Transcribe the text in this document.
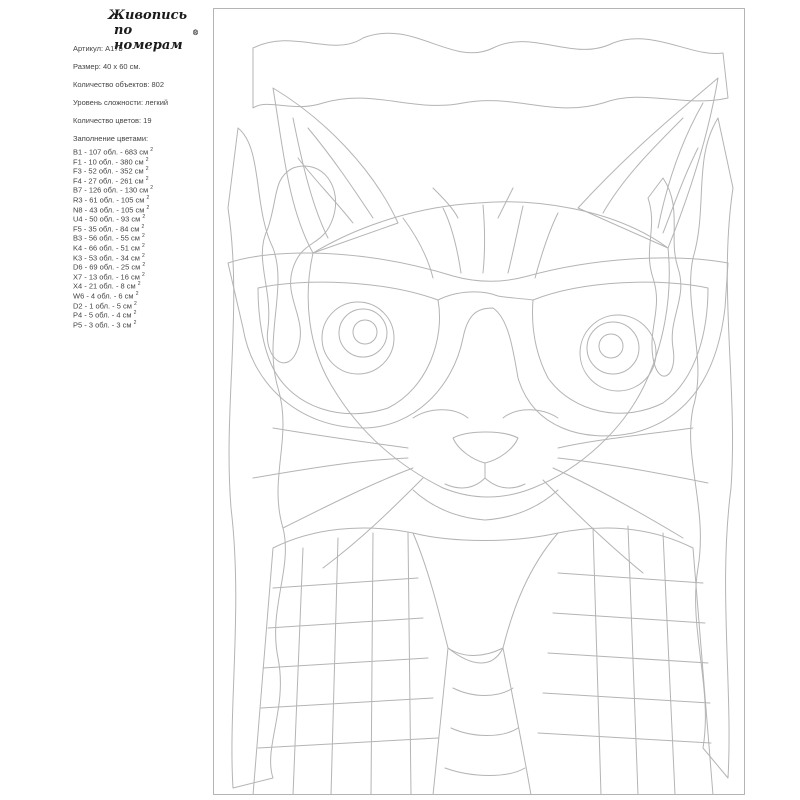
Живопись
по номерам
®
Артикул: А178
Размер: 40 х 60 см.
Количество объектов: 802
Уровень сложности: легкий
Количество цветов: 19
Заполнение цветами:
B1 - 107 обл. - 683 см $^2$
F1 - 10 обл. - 380 см $^2$
F3 - 52 обл. - 352 см $^2$
F4 - 27 обл. - 261 см $^2$
B7 - 126 обл. - 130 см $^2$
R3 - 61 обл. - 105 см $^2$
N8 - 43 обл. - 105 см $^2$
U4 - 50 обл. - 93 см $^2$
F5 - 35 обл. - 84 см $^2$
B3 - 56 обл. - 55 см $^2$
K4 - 66 обл. - 51 см $^2$
K3 - 53 обл. - 34 см $^2$
D6 - 69 обл. - 25 см $^2$
X7 - 13 обл. - 16 см $^2$
X4 - 21 обл. - 8 см $^2$
W6 - 4 обл. - 6 см $^2$
D2 - 1 обл. - 5 см $^2$
P4 - 5 обл. - 4 см $^2$
P5 - 3 обл. - 3 см $^2$
